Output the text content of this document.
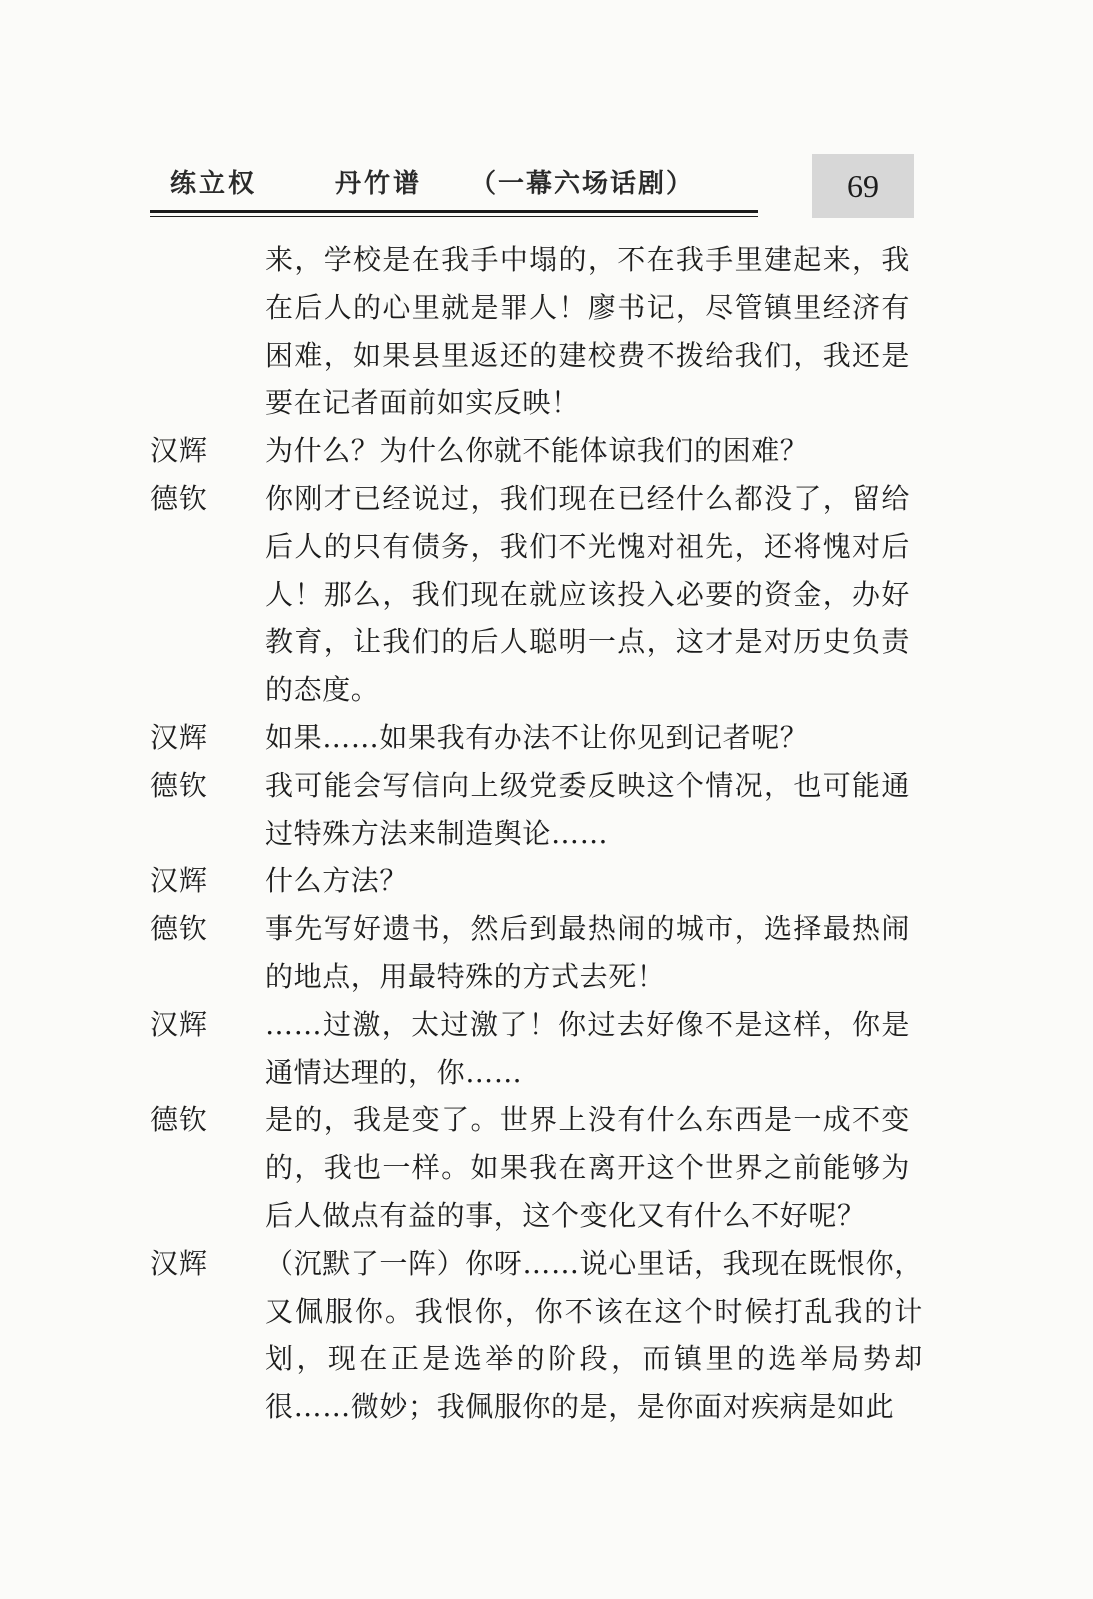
练立权	丹竹谱 （一幕六场话剧）	69
来，学校是在我手中塌的，不在我手里建起来，我
在后人的心里就是罪人！廖书记，尽管镇里经济有
困难，如果县里返还的建校费不拨给我们，我还是
要在记者面前如实反映！
汉辉	为什么？为什么你就不能体谅我们的困难？
德钦	你刚才已经说过，我们现在已经什么都没了，留给
后人的只有债务，我们不光愧对祖先，还将愧对后
人！那么，我们现在就应该投入必要的资金，办好
教育，让我们的后人聪明一点，这才是对历史负责
的态度。
汉辉	如果……如果我有办法不让你见到记者呢？
德钦	我可能会写信向上级党委反映这个情况，也可能通
过特殊方法来制造舆论……
汉辉	什么方法？
德钦	事先写好遗书，然后到最热闹的城市，选择最热闹
的地点，用最特殊的方式去死！
汉辉	……过激，太过激了！你过去好像不是这样，你是
通情达理的，你……
德钦	是的，我是变了。世界上没有什么东西是一成不变
的，我也一样。如果我在离开这个世界之前能够为
后人做点有益的事，这个变化又有什么不好呢？
汉辉	（沉默了一阵）你呀……说心里话，我现在既恨你，
又佩服你。我恨你，你不该在这个时候打乱我的计
划，现在正是选举的阶段，而镇里的选举局势却
很……微妙；我佩服你的是，是你面对疾病是如此
